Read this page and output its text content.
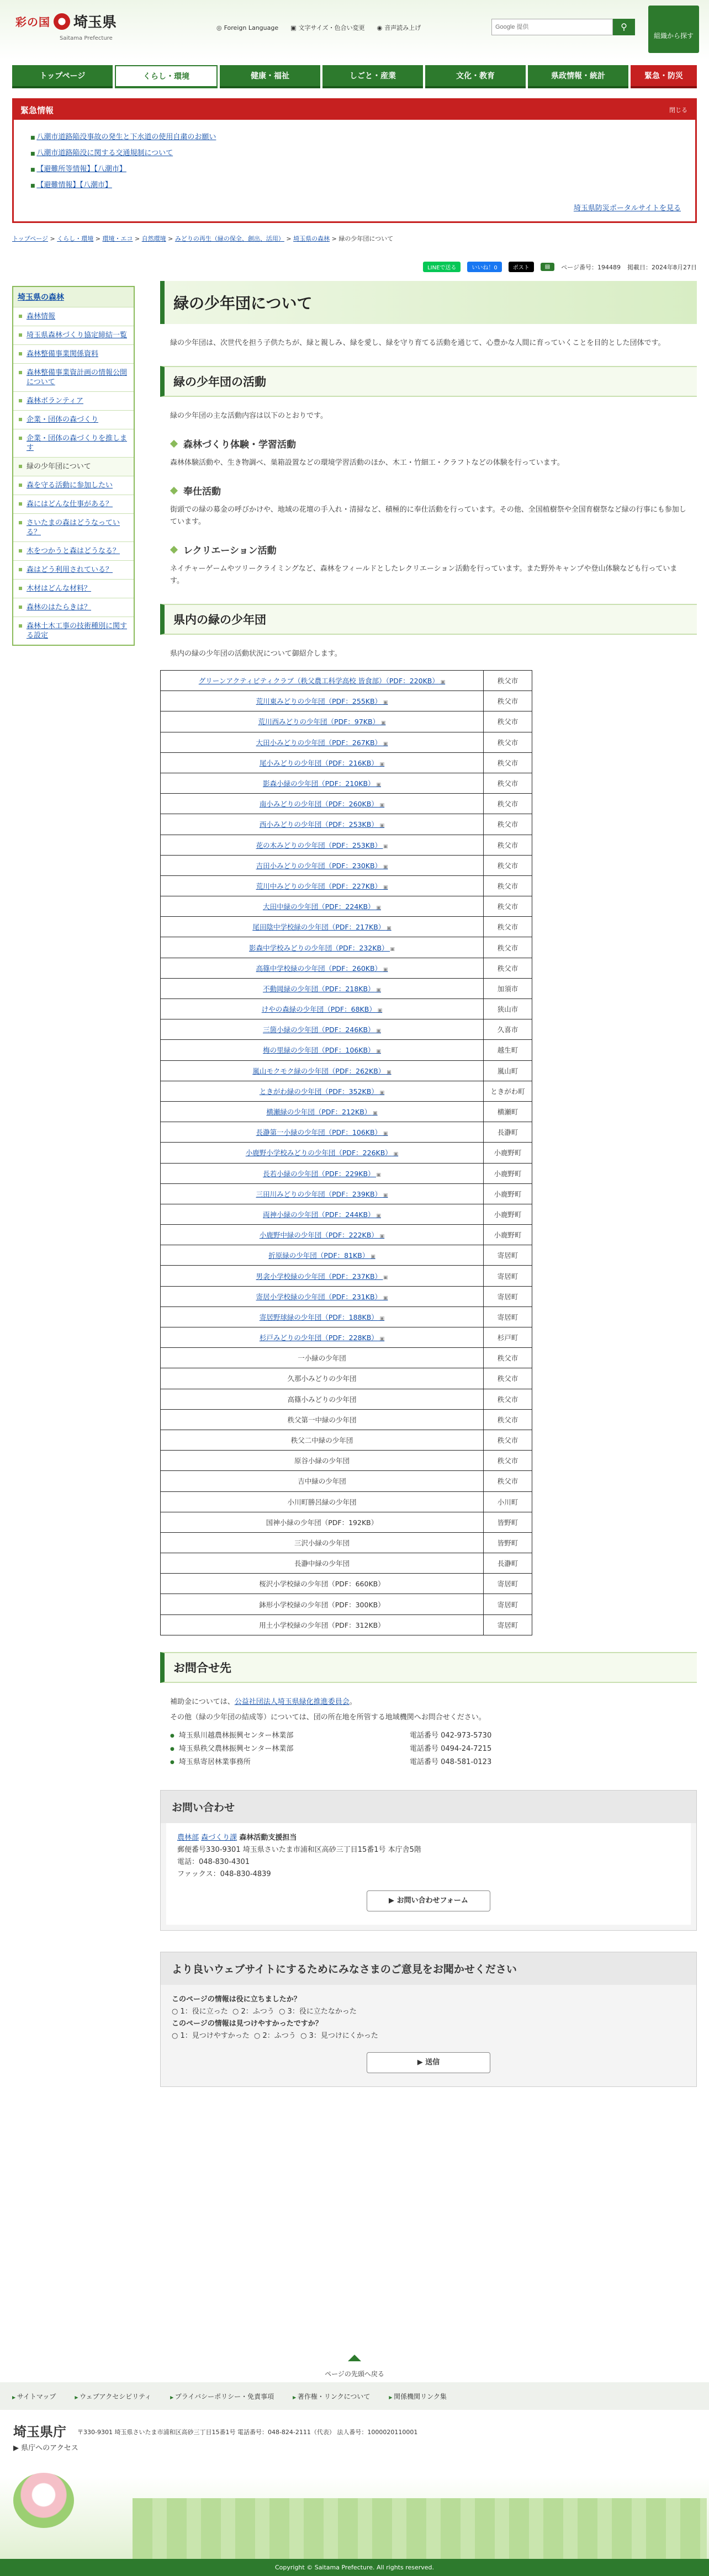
彩の国 埼玉県
Saitama Prefecture
◎ Foreign Language ▣ 文字サイズ・色合い変更 ◉ 音声読み上げ
Google 提供	⚲
組織から探す
トップページ	くらし・環境	健康・福祉	しごと・産業	文化・教育	県政情報・統計	緊急・防災
緊急情報	閉じる
■ 八潮市道路陥没事故の発生と下水道の使用自粛のお願い
■ 八潮市道路陥没に関する交通規制について
■ 【避難所等情報】【八潮市】
■ 【避難情報】【八潮市】
埼玉県防災ポータルサイトを見る
トップページ > くらし・環境 > 環境・エコ > 自然環境 > みどりの再生（緑の保全、創出、活用） > 埼玉県の森林 > 緑の少年団について
埼玉県の森林
森林情報
埼玉県森林づくり協定締結一覧
森林整備事業関係資料
森林整備事業資計画の情報公開について
森林ボランティア
企業・団体の森づくり
企業・団体の森づくりを推します
緑の少年団について
森を守る活動に参加したい
森にはどんな仕事がある？
さいたまの森はどうなっている？
木をつかうと森はどうなる？
森はどう利用されている？
木材はどんな材料？
森林のはたらきは？
森林土木工事の技術種別に関する設定
LINEで送る	いいね！0	ポスト	▤	ページ番号：194489 掲載日：2024年8月27日
緑の少年団について

緑の少年団は、次世代を担う子供たちが、緑と親しみ、緑を愛し、緑を守り育てる活動を通じて、心豊かな人間に育っていくことを目的とした団体です。

緑の少年団の活動

緑の少年団の主な活動内容は以下のとおりです。

森林づくり体験・学習活動

森林体験活動や、生き物調べ、巣箱設置などの環境学習活動のほか、木工・竹細工・クラフトなどの体験を行っています。

奉仕活動

街頭での緑の募金の呼びかけや、地域の花壇の手入れ・清掃など、積極的に奉仕活動を行っています。その他、全国植樹祭や全国育樹祭など緑の行事にも参加しています。

レクリエーション活動

ネイチャーゲームやツリークライミングなど、森林をフィールドとしたレクリエーション活動を行っています。また野外キャンプや登山体験なども行っています。

県内の緑の少年団

県内の緑の少年団の活動状況について御紹介します。

グリーンアクティビティクラブ（秩父農工科学高校 皆食部）（PDF：220KB） ▣	秩父市
荒川東みどりの少年団（PDF：255KB） ▣	秩父市
荒川西みどりの少年団（PDF：97KB） ▣	秩父市
大田小みどりの少年団（PDF：267KB） ▣	秩父市
尾小みどりの少年団（PDF：216KB） ▣	秩父市
影森小緑の少年団（PDF：210KB） ▣	秩父市
南小みどりの少年団（PDF：260KB） ▣	秩父市
西小みどりの少年団（PDF：253KB） ▣	秩父市
花の木みどりの少年団（PDF：253KB） ▣	秩父市
吉田小みどりの少年団（PDF：230KB） ▣	秩父市
荒川中みどりの少年団（PDF：227KB） ▣	秩父市
大田中緑の少年団（PDF：224KB） ▣	秩父市
尾田陰中学校緑の少年団（PDF：217KB） ▣	秩父市
影森中学校みどりの少年団（PDF：232KB） ▣	秩父市
高篠中学校緑の少年団（PDF：260KB） ▣	秩父市
不動岡緑の少年団（PDF：218KB） ▣	加須市
けやの森緑の少年団（PDF：68KB） ▣	狭山市
三箇小緑の少年団（PDF：246KB） ▣	久喜市
梅の里緑の少年団（PDF：106KB） ▣	越生町
嵐山モクモク緑の少年団（PDF：262KB） ▣	嵐山町
ときがわ緑の少年団（PDF：352KB） ▣	ときがわ町
横瀬緑の少年団（PDF：212KB） ▣	横瀬町
長瀞第一小緑の少年団（PDF：106KB） ▣	長瀞町
小鹿野小学校みどりの少年団（PDF：226KB） ▣	小鹿野町
長若小緑の少年団（PDF：229KB） ▣	小鹿野町
三田川みどりの少年団（PDF：239KB） ▣	小鹿野町
両神小緑の少年団（PDF：244KB） ▣	小鹿野町
小鹿野中緑の少年団（PDF：222KB） ▣	小鹿野町
折原緑の少年団（PDF：81KB） ▣	寄居町
男衾小学校緑の少年団（PDF：237KB） ▣	寄居町
寄居小学校緑の少年団（PDF：231KB） ▣	寄居町
寄居野球緑の少年団（PDF：188KB） ▣	寄居町
杉戸みどりの少年団（PDF：228KB） ▣	杉戸町
一小緑の少年団	秩父市
久那小みどりの少年団	秩父市
高篠小みどりの少年団	秩父市
秩父第一中緑の少年団	秩父市
秩父二中緑の少年団	秩父市
原谷小緑の少年団	秩父市
吉中緑の少年団	秩父市
小川町勝呂緑の少年団	小川町
国神小緑の少年団（PDF：192KB）	皆野町
三沢小緑の少年団	皆野町
長瀞中緑の少年団	長瀞町
桜沢小学校緑の少年団（PDF：660KB）	寄居町
鉢形小学校緑の少年団（PDF：300KB）	寄居町
用土小学校緑の少年団（PDF：312KB）	寄居町
お問合せ先

補助金については、公益社団法人埼玉県緑化推進委員会。

その他（緑の少年団の結成等）については、団の所在地を所管する地域機関へお問合せください。

● 埼玉県川越農林振興センター林業部	電話番号 042-973-5730
● 埼玉県秩父農林振興センター林業部	電話番号 0494-24-7215
● 埼玉県寄居林業事務所	電話番号 048-581-0123
お問い合わせ
農林部 森づくり課 森林活動支援担当
郵便番号330-9301 埼玉県さいたま市浦和区高砂三丁目15番1号 本庁舎5階
電話：048-830-4301
ファックス：048-830-4839
▶ お問い合わせフォーム
より良いウェブサイトにするためにみなさまのご意見をお聞かせください
このページの情報は役に立ちましたか？
○ 1：役に立った ○ 2：ふつう ○ 3：役に立たなかった
このページの情報は見つけやすかったですか？
○ 1：見つけやすかった ○ 2：ふつう ○ 3：見つけにくかった
▶ 送信
ページの先頭へ戻る
▶ サイトマップ	▶ ウェブアクセシビリティ	▶ プライバシーポリシー・免責事項	▶ 著作権・リンクについて	▶ 関係機関リンク集
埼玉県庁 〒330-9301 埼玉県さいたま市浦和区高砂三丁目15番1号 電話番号：048-824-2111（代表） 法人番号：1000020110001
▶ 県庁へのアクセス
Copyright © Saitama Prefecture. All rights reserved.
